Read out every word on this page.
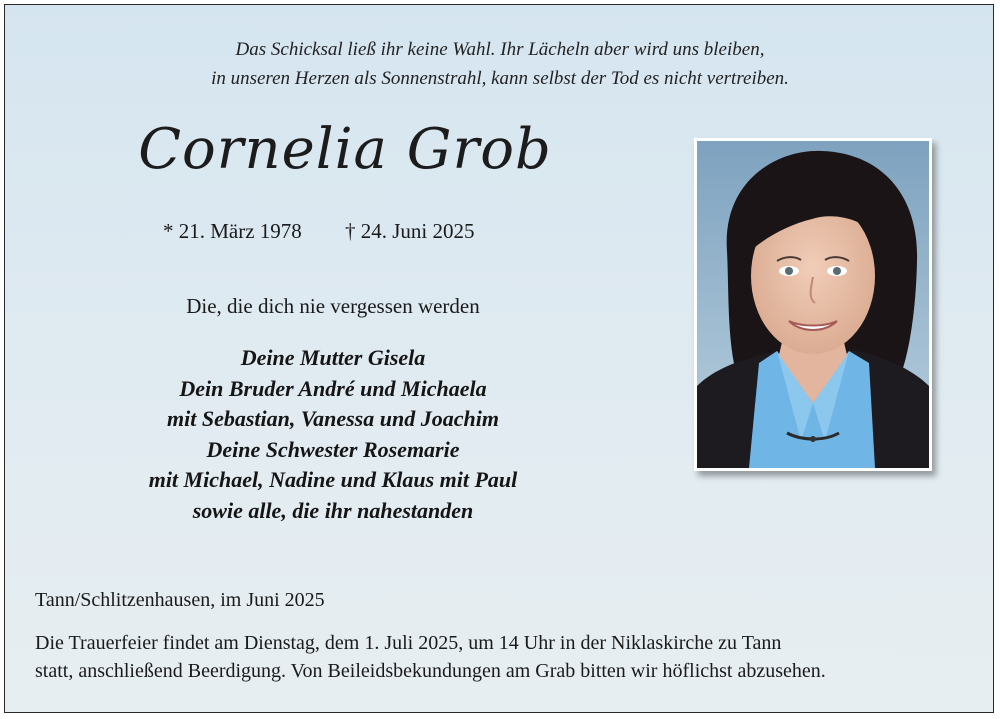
Das Schicksal ließ ihr keine Wahl. Ihr Lächeln aber wird uns bleiben,
in unseren Herzen als Sonnenstrahl, kann selbst der Tod es nicht vertreiben.
Cornelia Grob
* 21. März 1978 † 24. Juni 2025
Die, die dich nie vergessen werden
Deine Mutter Gisela
Dein Bruder André und Michaela
mit Sebastian, Vanessa und Joachim
Deine Schwester Rosemarie
mit Michael, Nadine und Klaus mit Paul
sowie alle, die ihr nahestanden
Tann/Schlitzenhausen, im Juni 2025
Die Trauerfeier findet am Dienstag, dem 1. Juli 2025, um 14 Uhr in der Niklaskirche zu Tann
statt, anschließend Beerdigung. Von Beileidsbekundungen am Grab bitten wir höflichst abzusehen.
